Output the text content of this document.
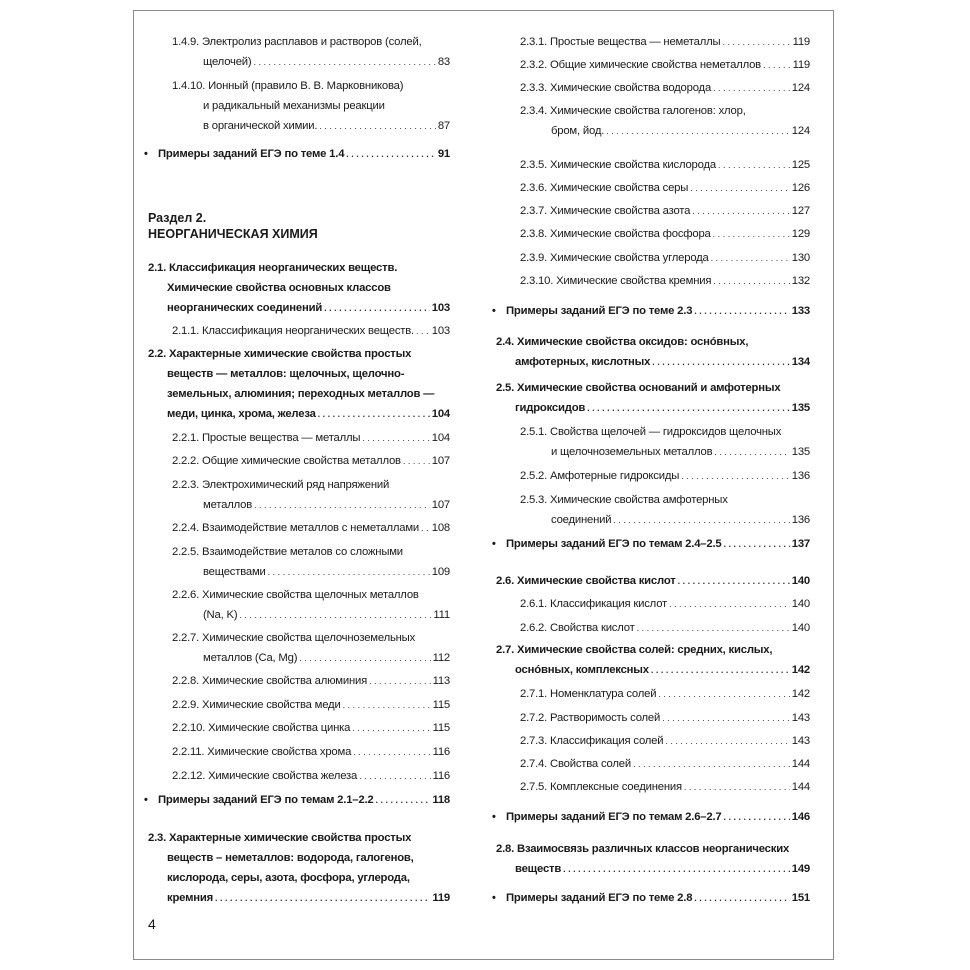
Раздел 2.
НЕОРГАНИЧЕСКАЯ ХИМИЯ
1.4.9. Электролиз расплавов и растворов (солей,
щелочей) . . .	83
1.4.10. Ионный (правило В. В. Марковникова)
и радикальный механизмы реакции
в органической химии. . . .	87
• Примеры заданий ЕГЭ по теме 1.4 . . .	91
2.1. Классификация неорганических веществ.
Химические свойства основных классов
неорганических соединений . . .	103
2.1.1. Классификация неорганических веществ. . . . 103
2.2. Характерные химические свойства простых
веществ — металлов: щелочных, щелочно-
земельных, алюминия; переходных металлов —
меди, цинка, хрома, железа . . .	104
2.2.1. Простые вещества — металлы . . .	104
2.2.2. Общие химические свойства металлов . . .	107
2.2.3. Электрохимический ряд напряжений
металлов . . .	107
2.2.4. Взаимодействие металлов с неметаллами . . . 108
2.2.5. Взаимодействие металов со сложными
веществами . . .	109
2.2.6. Химические свойства щелочных металлов
(Na, K) . . .	111
2.2.7. Химические свойства щелочноземельных
металлов (Ca, Mg) . . .	112
2.2.8. Химические свойства алюминия . . .	113
2.2.9. Химические свойства меди . . .	115
2.2.10. Химические свойства цинка . . .	115
2.2.11. Химические свойства хрома . . .	116
2.2.12. Химические свойства железа . . .	116
• Примеры заданий ЕГЭ по темам 2.1–2.2 . . .	118
2.3. Характерные химические свойства простых
веществ – неметаллов: водорода, галогенов,
кислорода, серы, азота, фосфора, углерода,
кремния . . .	119
2.3.1. Простые вещества — неметаллы . . .	119
2.3.2. Общие химические свойства неметаллов . . .	119
2.3.3. Химические свойства водорода . . .	124
2.3.4. Химические свойства галогенов: хлор,
бром, йод. . . .	124
2.3.5. Химические свойства кислорода . . .	125
2.3.6. Химические свойства серы . . .	126
2.3.7. Химические свойства азота . . .	127
2.3.8. Химические свойства фосфора . . .	129
2.3.9. Химические свойства углерода . . .	130
2.3.10. Химические свойства кремния . . .	132
• Примеры заданий ЕГЭ по теме 2.3 . . .	133
2.4. Химические свойства оксидов: оснóвных,
амфотерных, кислотных . . .	134
2.5. Химические свойства оснований и амфотерных
гидроксидов . . .	135
2.5.1. Свойства щелочей — гидроксидов щелочных
и щелочноземельных металлов . . .	135
2.5.2. Амфотерные гидроксиды . . .	136
2.5.3. Химические свойства амфотерных
соединений . . .	136
• Примеры заданий ЕГЭ по темам 2.4–2.5 . . .	137
2.6. Химические свойства кислот . . .	140
2.6.1. Классификация кислот . . .	140
2.6.2. Свойства кислот . . .	140
2.7. Химические свойства солей: средних, кислых,
оснóвных, комплексных . . .	142
2.7.1. Номенклатура солей . . .	142
2.7.2. Растворимость солей . . .	143
2.7.3. Классификация солей . . .	143
2.7.4. Свойства солей . . .	144
2.7.5. Комплексные соединения . . .	144
• Примеры заданий ЕГЭ по темам 2.6–2.7 . . .	146
2.8. Взаимосвязь различных классов неорганических
веществ . . .	149
• Примеры заданий ЕГЭ по теме 2.8 . . .	151
4
